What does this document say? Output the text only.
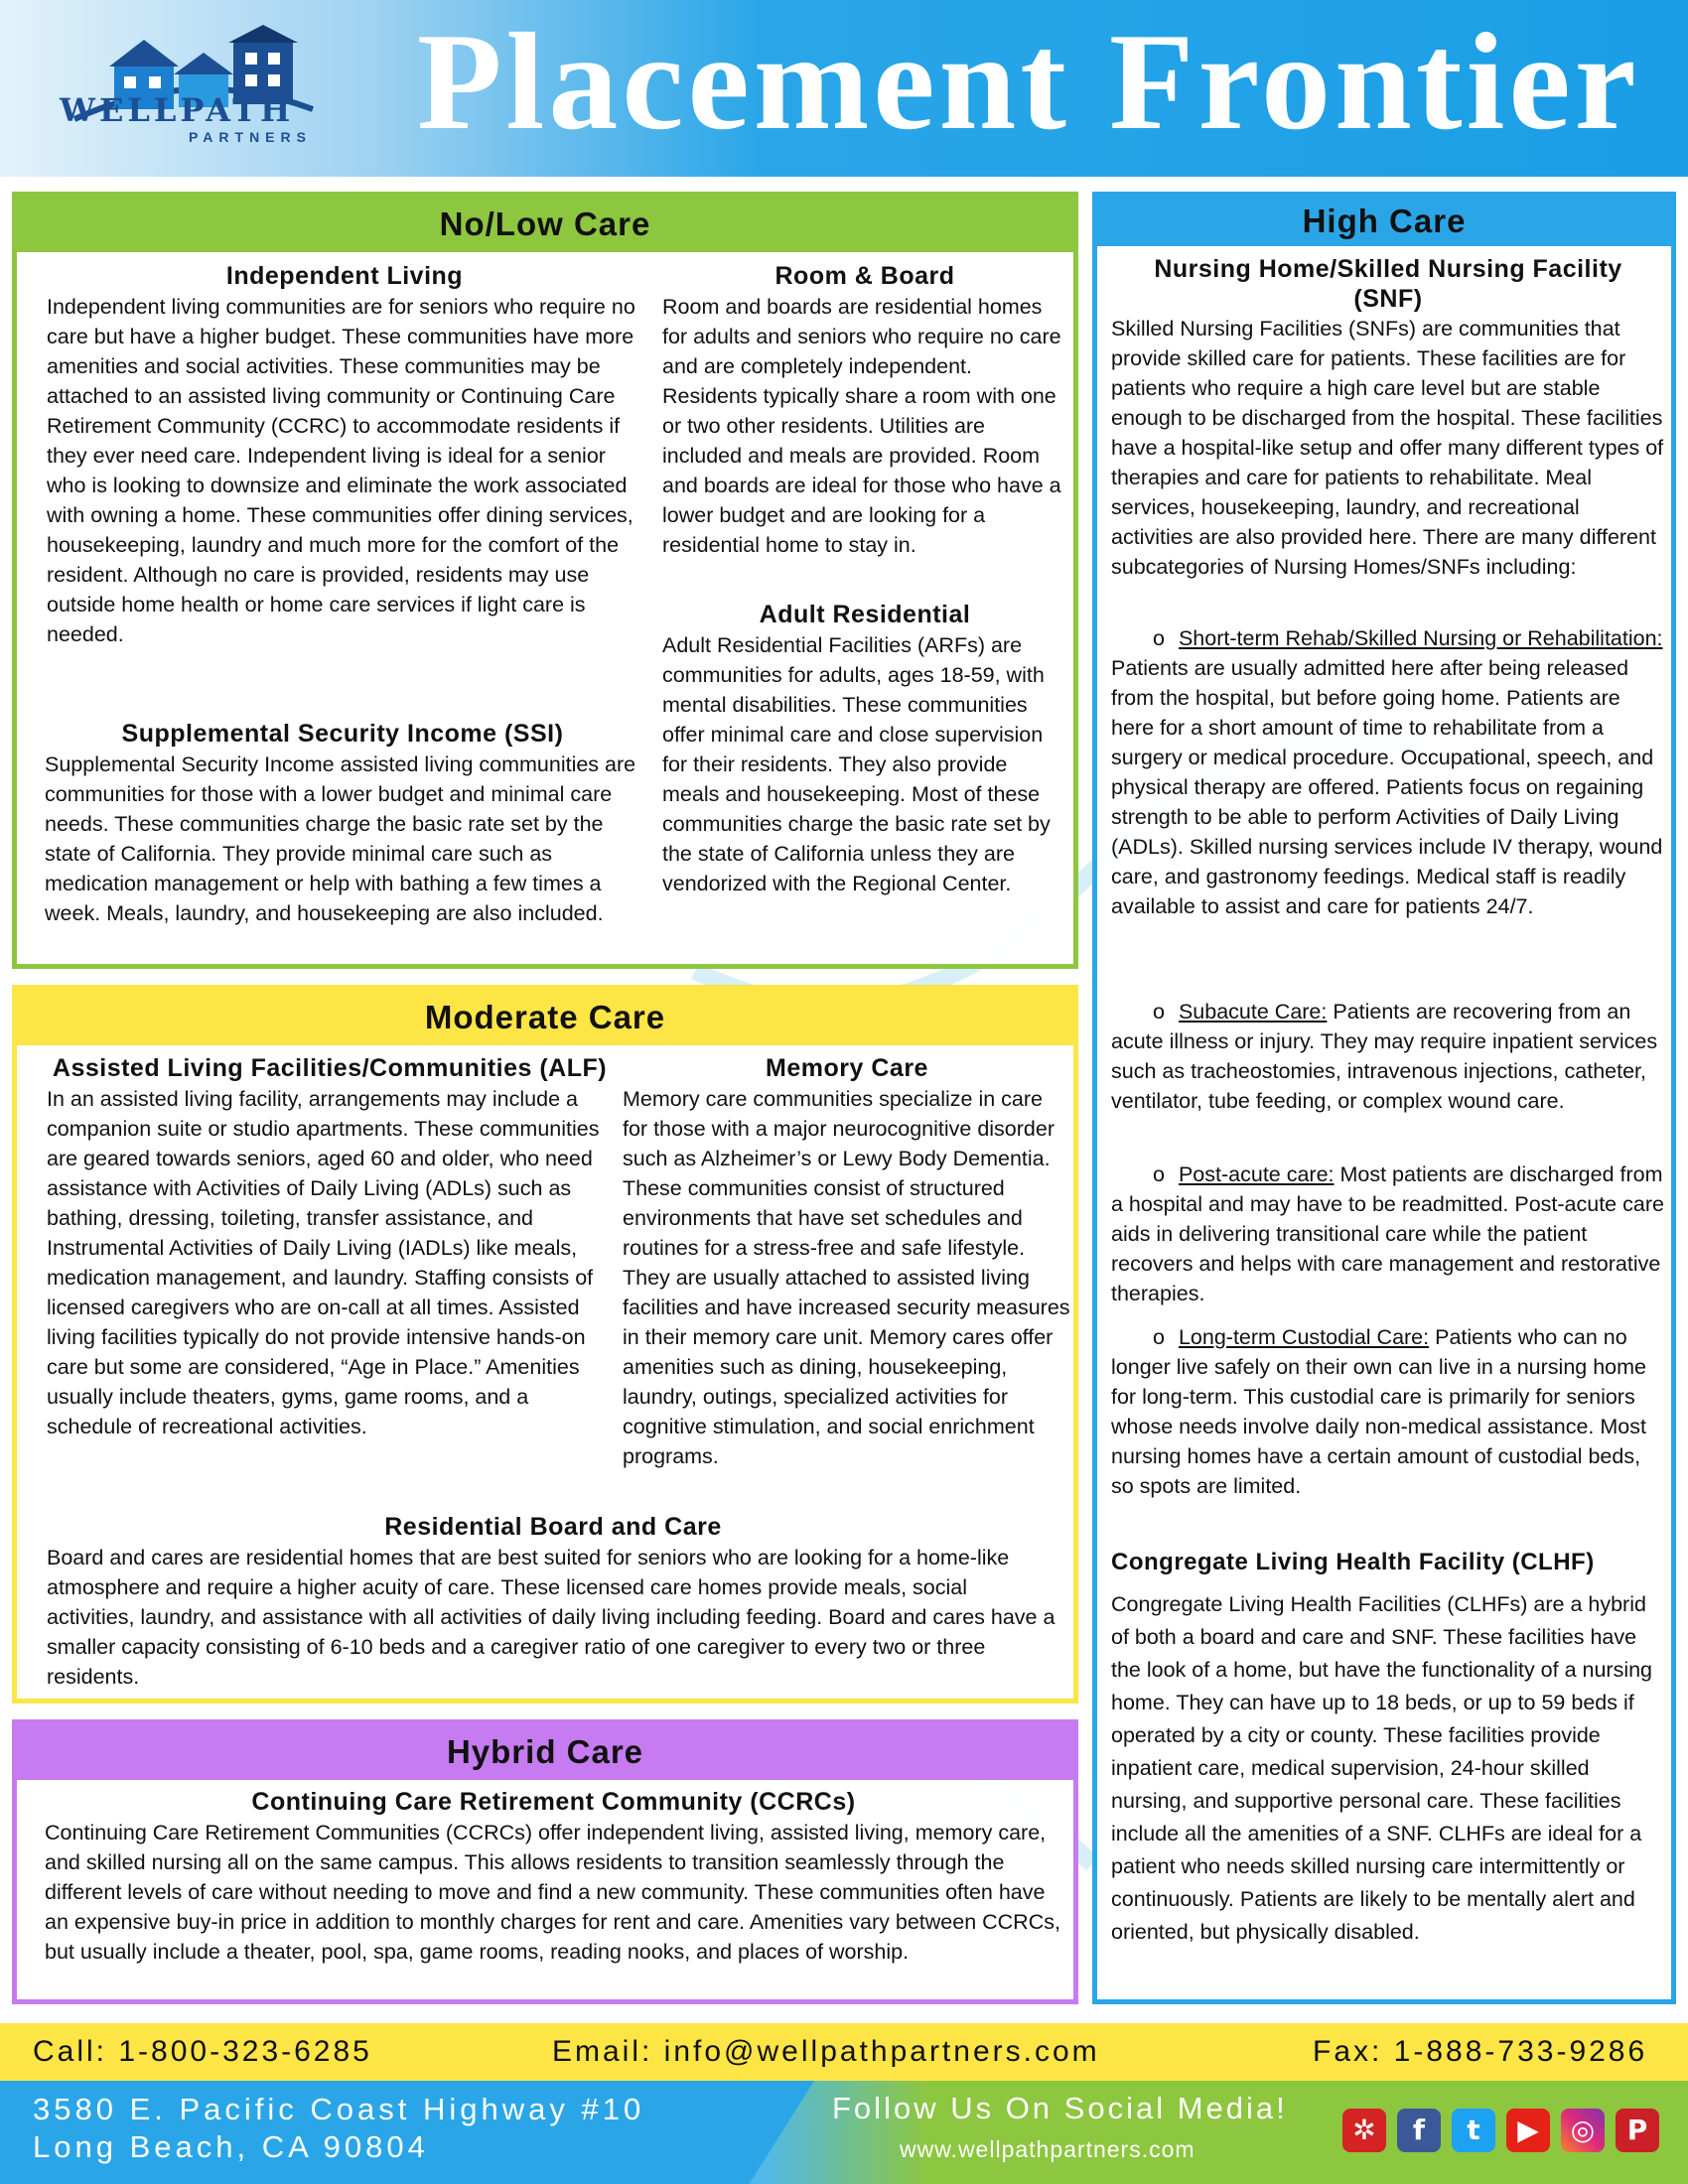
WELLPATH
PARTNERS Placement Frontier
No/Low Care
Independent Living

Independent living communities are for seniors who require no care but have a higher budget. These communities have more amenities and social activities. These communities may be attached to an assisted living community or Continuing Care Retirement Community (CCRC) to accommodate residents if they ever need care. Independent living is ideal for a senior who is looking to downsize and eliminate the work associated with owning a home. These communities offer dining services, housekeeping, laundry and much more for the comfort of the resident. Although no care is provided, residents may use outside home health or home care services if light care is needed.

Supplemental Security Income (SSI)

Supplemental Security Income assisted living communities are communities for those with a lower budget and minimal care needs. These communities charge the basic rate set by the state of California. They provide minimal care such as medication management or help with bathing a few times a week. Meals, laundry, and housekeeping are also included.

Room & Board

Room and boards are residential homes for adults and seniors who require no care and are completely independent. Residents typically share a room with one or two other residents. Utilities are included and meals are provided. Room and boards are ideal for those who have a lower budget and are looking for a residential home to stay in.

Adult Residential

Adult Residential Facilities (ARFs) are communities for adults, ages 18-59, with mental disabilities. These communities offer minimal care and close supervision for their residents. They also provide meals and housekeeping. Most of these communities charge the basic rate set by the state of California unless they are vendorized with the Regional Center.

Moderate Care
Assisted Living Facilities/Communities (ALF)

In an assisted living facility, arrangements may include a companion suite or studio apartments. These communities are geared towards seniors, aged 60 and older, who need assistance with Activities of Daily Living (ADLs) such as bathing, dressing, toileting, transfer assistance, and Instrumental Activities of Daily Living (IADLs) like meals, medication management, and laundry. Staffing consists of licensed caregivers who are on-call at all times. Assisted living facilities typically do not provide intensive hands-on care but some are considered, “Age in Place.” Amenities usually include theaters, gyms, game rooms, and a schedule of recreational activities.

Memory Care

Memory care communities specialize in care for those with a major neurocognitive disorder such as Alzheimer’s or Lewy Body Dementia. These communities consist of structured environments that have set schedules and routines for a stress-free and safe lifestyle. They are usually attached to assisted living facilities and have increased security measures in their memory care unit. Memory cares offer amenities such as dining, housekeeping, laundry, outings, specialized activities for cognitive stimulation, and social enrichment programs.

Residential Board and Care

Board and cares are residential homes that are best suited for seniors who are looking for a home-like atmosphere and require a higher acuity of care. These licensed care homes provide meals, social activities, laundry, and assistance with all activities of daily living including feeding. Board and cares have a smaller capacity consisting of 6-10 beds and a caregiver ratio of one caregiver to every two or three residents.

Hybrid Care
Continuing Care Retirement Community (CCRCs)

Continuing Care Retirement Communities (CCRCs) offer independent living, assisted living, memory care, and skilled nursing all on the same campus. This allows residents to transition seamlessly through the different levels of care without needing to move and find a new community. These communities often have an expensive buy-in price in addition to monthly charges for rent and care. Amenities vary between CCRCs, but usually include a theater, pool, spa, game rooms, reading nooks, and places of worship.

High Care
Nursing Home/Skilled Nursing Facility (SNF)

Skilled Nursing Facilities (SNFs) are communities that provide skilled care for patients. These facilities are for patients who require a high care level but are stable enough to be discharged from the hospital. These facilities have a hospital-like setup and offer many different types of therapies and care for patients to rehabilitate. Meal services, housekeeping, laundry, and recreational activities are also provided here. There are many different subcategories of Nursing Homes/SNFs including:

o Short-term Rehab/Skilled Nursing or Rehabilitation: Patients are usually admitted here after being released from the hospital, but before going home. Patients are here for a short amount of time to rehabilitate from a surgery or medical procedure. Occupational, speech, and physical therapy are offered. Patients focus on regaining strength to be able to perform Activities of Daily Living (ADLs). Skilled nursing services include IV therapy, wound care, and gastronomy feedings. Medical staff is readily available to assist and care for patients 24/7.
o Subacute Care: Patients are recovering from an acute illness or injury. They may require inpatient services such as tracheostomies, intravenous injections, catheter, ventilator, tube feeding, or complex wound care.
o Post-acute care: Most patients are discharged from a hospital and may have to be readmitted. Post-acute care aids in delivering transitional care while the patient recovers and helps with care management and restorative therapies.
o Long-term Custodial Care: Patients who can no longer live safely on their own can live in a nursing home for long-term. This custodial care is primarily for seniors whose needs involve daily non-medical assistance. Most nursing homes have a certain amount of custodial beds, so spots are limited.
Congregate Living Health Facility (CLHF)

Congregate Living Health Facilities (CLHFs) are a hybrid of both a board and care and SNF. These facilities have the look of a home, but have the functionality of a nursing home. They can have up to 18 beds, or up to 59 beds if operated by a city or county. These facilities provide inpatient care, medical supervision, 24-hour skilled nursing, and supportive personal care. These facilities include all the amenities of a SNF. CLHFs are ideal for a patient who needs skilled nursing care intermittently or continuously. Patients are likely to be mentally alert and oriented, but physically disabled.

Call: 1-800-323-6285	Email: info@wellpathpartners.com	Fax: 1-888-733-9286
3580 E. Pacific Coast Highway #10
Long Beach, CA 90804
Follow Us On Social Media!
www.wellpathpartners.com
✲	f	t	▶	◎	P
